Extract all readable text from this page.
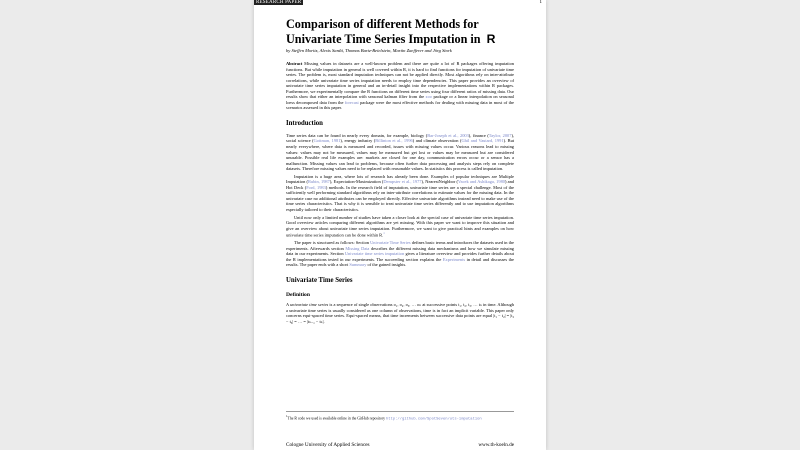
RESEARCH PAPER	1
Comparison of different Methods for
Univariate Time Series Imputation in R
by Steffen Moritz, Alexis Sardá, Thomas Bartz-Beielstein, Martin Zaefferer and Jörg Stork
Abstract Missing values in datasets are a well-known problem and there are quite a lot of R packages offering imputation functions. But while imputation in general is well covered within R, it is hard to find functions for imputation of univariate time series. The problem is, most standard imputation techniques can not be applied directly. Most algorithms rely on inter-attribute correlations, while univariate time series imputation needs to employ time dependencies. This paper provides an overview of univariate time series imputation in general and an in-detail insight into the respective implementations within R packages. Furthermore, we experimentally compare the R functions on different time series using four different ratios of missing data. Our results show that either an interpolation with seasonal kalman filter from the zoo package or a linear interpolation on seasonal loess decomposed data from the forecast package were the most effective methods for dealing with missing data in most of the scenarios assessed in this paper.
Introduction

Time series data can be found in nearly every domain, for example, biology (Bar-Joseph et al., 2003), finance (Taylor, 2007), social science (Gottman, 1981), energy industry (Billinton et al., 1996) and climate observation (Ghil and Vautard, 1991). But nearly everywhere, where data is measured and recorded, issues with missing values occur. Various reasons lead to missing values: values may not be measured, values may be measured but get lost or values may be measured but are considered unusable. Possible real life examples are: markets are closed for one day, communication errors occur or a sensor has a malfunction. Missing values can lead to problems, because often further data processing and analysis steps rely on complete datasets. Therefore missing values need to be replaced with reasonable values. In statistics this process is called imputation.

Imputation is a huge area, where lots of research has already been done. Examples of popular techniques are Multiple Imputation (Rubin, 1987), Expectation-Maximization (Dempster et al., 1977), NearestNeighbor (Vacek and Ashikaga, 1980) and Hot Deck (Ford, 1983) methods. In the research field of imputation, univariate time series are a special challenge. Most of the sufficiently well performing standard algorithms rely on inter-attribute correlations to estimate values for the missing data. In the univariate case no additional attributes can be employed directly. Effective univariate algorithms instead need to make use of the time series characteristics. That is why it is sensible to treat univariate time series differently and to use imputation algorithms especially tailored to their characteristics.

Until now only a limited number of studies have taken a closer look at the special case of univariate time series imputation. Good overview articles comparing different algorithms are yet missing. With this paper we want to improve this situation and give an overview about univariate time series imputation. Furthermore, we want to give practical hints and examples on how univariate time series imputation can be done within R.$^1$

The paper is structured as follows: Section Univariate Time Series defines basic terms and introduces the datasets used in the experiments. Afterwards section Missing Data describes the different missing data mechanisms and how we simulate missing data in our experiments. Section Univariate time series imputation gives a literature overview and provides further details about the R implementations tested in our experiments. The succeeding section explains the Experiments in detail and discusses the results. The paper ends with a short Summary of the gained insights.

Univariate Time Series
Definition

A univariate time series is a sequence of single observations o₁, o₂, o₃, … oₙ at successive points t₁, t₂, t₃, … tₙ in time. Although a univariate time series is usually considered as one column of observations, time is in fact an implicit variable. This paper only concerns equi-spaced time series. Equi-spaced means, that time increments between successive data points are equal |t₁ − t₂| = |t₂ − t₃| = … = |tₙ₋₁ − tₙ|.

$^1$The R code we used is available online in the GitHub repository http://github.com/SpotSeven/uts-imputation
Cologne University of Applied Sciences	www.th-koeln.de
